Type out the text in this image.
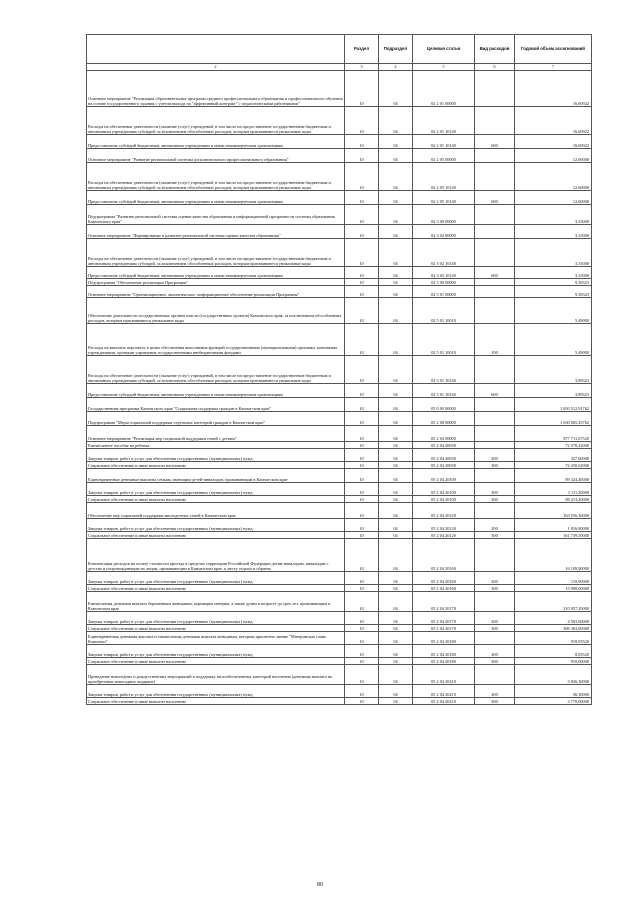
		Раздел	Подраздел	Целевая статья	Вид расходов	Годовой объем ассигнований
	2	3	4	5	6	7
	Основное мероприятие "Реализация образовательных программ среднего профессионального образования и профессионального обучения на основе государственного задания с учетом выхода на "эффективный контракт" с педагогическими работниками"	10	04	02 2 01 00000		16,60922
	Расходы на обеспечение деятельности (оказание услуг) учреждений, в том числе на предоставление государственным бюджетным и автономным учреждениям субсидий, за исключением обособленных расходов, которым присваиваются уникальные коды	10	04	02 2 01 10140		16,60922
	Предоставление субсидий бюджетным, автономным учреждениям и иным некоммерческим организациям	10	04	02 2 01 10140	600	16,60922
	Основное мероприятие "Развитие региональной системы дополнительного профессионального образования"	10	04	02 2 05 00000		12,60000
	Расходы на обеспечение деятельности (оказание услуг) учреждений, в том числе на предоставление государственным бюджетным и автономным учреждениям субсидий, за исключением обособленных расходов, которым присваиваются уникальные коды	10	04	02 2 05 10140		12,60000
	Предоставление субсидий бюджетным, автономным учреждениям и иным некоммерческим организациям	10	04	02 2 05 10140	600	12,60000
	Подпрограмма "Развитие региональной системы оценки качества образования и информационной прозрачности системы образования Камчатского края"	10	04	02 3 00 00000		3,33000
	Основное мероприятие "Формирование и развитие региональной системы оценки качества образования"	10	04	02 3 02 00000		3,33000
	Расходы на обеспечение деятельности (оказание услуг) учреждений, в том числе на предоставление государственным бюджетным и автономным учреждениям субсидий, за исключением обособленных расходов, которым присваиваются уникальные коды	10	04	02 3 02 10140		3,33000
	Предоставление субсидий бюджетным, автономным учреждениям и иным некоммерческим организациям	10	04	02 3 02 10140	600	3,33000
	Подпрограмма "Обеспечение реализации Программы"	10	04	02 5 00 00000		9,38323
	Основное мероприятие "Организационное, аналитическое, информационное обеспечение реализации Программы"	10	04	02 5 01 00000		9,38323
	Обеспечение деятельности государственных органов власти (государственных органов) Камчатского края, за исключением обособленных расходов, которым присваиваются уникальные коды	10	04	02 5 01 10010		5,49000
	Расходы на выплаты персоналу в целях обеспечения выполнения функций государственными (муниципальными) органами, казенными учреждениями, органами управления государственными внебюджетными фондами	10	04	02 5 01 10010	100	5,49000
	Расходы на обеспечение деятельности (оказание услуг) учреждений, в том числе на предоставление государственным бюджетным и автономным учреждениям субсидий, за исключением обособленных расходов, которым присваиваются уникальные коды	10	04	02 5 01 10140		3,89323
	Предоставление субсидий бюджетным, автономным учреждениям и иным некоммерческим организациям	10	04	02 5 01 10140	600	3,89323
	Государственная программа Камчатского края "Социальная поддержка граждан в Камчатском крае"	10	04	05 0 00 00000		1 650 512,91762
	Подпрограмма "Меры социальной поддержки отдельных категорий граждан в Камчатском крае"	10	04	05 2 00 00000		1 630 065,43762
	Основное мероприятие "Реализация мер социальной поддержки семей с детьми"	10	04	05 2 04 00000		877 711,67520
	Ежемесячное пособие на ребенка	10	04	05 2 04 20030		72 578,22000
	Закупка товаров, работ и услуг для обеспечения государственных (муниципальных) нужд	10	04	05 2 04 20030	200	327,60000
	Социальное обеспечение и иные выплаты населению	10	04	05 2 04 20030	300	72 250,62000
	Единовременные денежные выплаты семьям, имеющим детей-инвалидов, проживающим в Камчатском крае	10	04	05 2 04 20100		89 324,40000
	Закупка товаров, работ и услуг для обеспечения государственных (муниципальных) нужд	10	04	05 2 04 20100	200	1 111,20000
	Социальное обеспечение и иные выплаты населению	10	04	05 2 04 20100	300	88 213,20000
	Обеспечение мер социальной поддержки многодетных семей в Камчатском крае	10	04	05 2 04 20120		163 556,30000
	Закупка товаров, работ и услуг для обеспечения государственных (муниципальных) нужд	10	04	05 2 04 20120	200	1 816,80000
	Социальное обеспечение и иные выплаты населению	10	04	05 2 04 20120	300	161 739,50000
	Компенсация расходов на оплату стоимости проезда в пределах территории Российской Федерации детям-инвалидам, инвалидам с детства и сопровождающим их лицам, проживающим в Камчатском крае, к месту отдыха и обратно	10	04	05 2 04 20160		16 109,90000
	Закупка товаров, работ и услуг для обеспечения государственных (муниципальных) нужд	10	04	05 2 04 20160	200	119,90000
	Социальное обеспечение и иные выплаты населению	10	04	05 2 04 20160	300	15 990,00000
	Ежемесячная денежная выплата беременным женщинам, кормящим матерям, а также детям в возрасте до трех лет, проживающим в Камчатском крае	10	04	05 2 04 20170		310 957,20000
	Закупка товаров, работ и услуг для обеспечения государственных (муниципальных) нужд	10	04	05 2 04 20170	200	4 593,60000
	Социальное обеспечение и иные выплаты населению	10	04	05 2 04 20170	300	306 363,60000
	Единовременная денежная выплата и ежемесячная денежная выплата женщинам, которым присвоено звание "Материнская слава Камчатки"	10	04	05 2 04 20180		918,05520
	Закупка товаров, работ и услуг для обеспечения государственных (муниципальных) нужд	10	04	05 2 04 20180	200	8,05520
	Социальное обеспечение и иные выплаты населению	10	04	05 2 04 20180	300	910,00000
	Проведение новогодних и рождественских мероприятий в поддержку малообеспеченных категорий населения (денежная выплата на приобретение новогодних подарков)	10	04	05 2 04 20210		3 826,30000
	Закупка товаров, работ и услуг для обеспечения государственных (муниципальных) нужд	10	04	05 2 04 20210	200	56,30000
	Социальное обеспечение и иные выплаты населению	10	04	05 2 04 20210	300	3 770,00000
80
